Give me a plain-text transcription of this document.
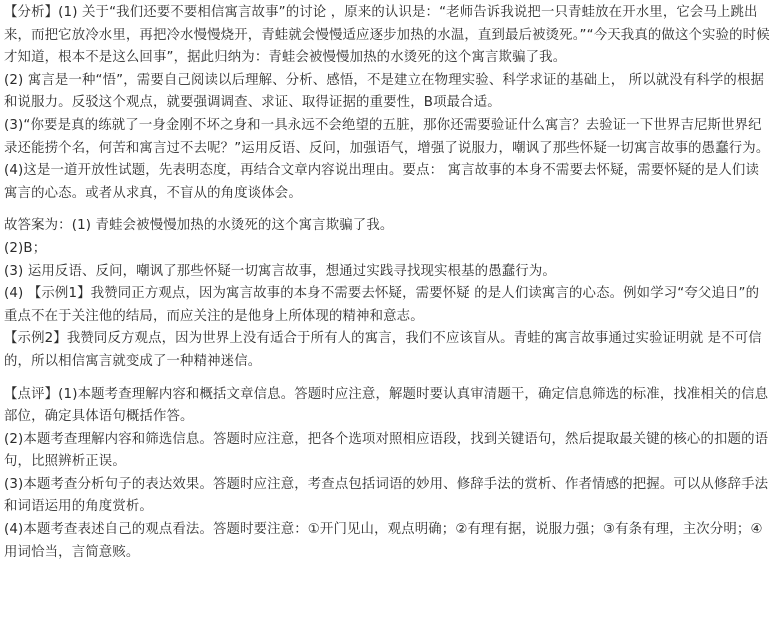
【分析】(1) 关于“我们还要不要相信寓言故事”的讨论 ，原来的认识是：“老师告诉我说把一只青蛙放在开水里，它会马上跳出来，而把它放冷水里，再把冷水慢慢烧开，青蛙就会慢慢适应逐步加热的水温，直到最后被烫死。”“今天我真的做这个实验的时候才知道，根本不是这么回事”，据此归纳为：青蛙会被慢慢加热的水烫死的这个寓言欺骗了我。

(2) 寓言是一种“悟”，需要自己阅读以后理解、分析、感悟，不是建立在物理实验、科学求证的基础上， 所以就没有科学的根据和说服力。反驳这个观点，就要强调调查、求证、取得证据的重要性，B项最合适。

(3)“你要是真的练就了一身金刚不坏之身和一具永远不会绝望的五脏，那你还需要验证什么寓言？去验证一下世界吉尼斯世界纪录还能捞个名，何苦和寓言过不去呢？”运用反语、反问，加强语气，增强了说服力，嘲讽了那些怀疑一切寓言故事的愚蠢行为。

(4)这是一道开放性试题，先表明态度，再结合文章内容说出理由。要点： 寓言故事的本身不需要去怀疑，需要怀疑的是人们读寓言的心态。或者从求真，不盲从的角度谈体会。

故答案为：(1) 青蛙会被慢慢加热的水烫死的这个寓言欺骗了我。

(2)B；

(3) 运用反语、反问，嘲讽了那些怀疑一切寓言故事，想通过实践寻找现实根基的愚蠢行为。

(4) 【示例1】我赞同正方观点，因为寓言故事的本身不需要去怀疑，需要怀疑 的是人们读寓言的心态。例如学习“夸父追日”的重点不在于关注他的结局，而应关注的是他身上所体现的精神和意志。

【示例2】我赞同反方观点，因为世界上没有适合于所有人的寓言，我们不应该盲从。青蛙的寓言故事通过实验证明就 是不可信的，所以相信寓言就变成了一种精神迷信。

【点评】(1)本题考查理解内容和概括文章信息。答题时应注意，解题时要认真审清题干，确定信息筛选的标准，找准相关的信息部位，确定具体语句概括作答。

(2)本题考查理解内容和筛选信息。答题时应注意，把各个选项对照相应语段，找到关键语句，然后提取最关键的核心的扣题的语句，比照辨析正误。

(3)本题考查分析句子的表达效果。答题时应注意，考查点包括词语的妙用、修辞手法的赏析、作者情感的把握。可以从修辞手法和词语运用的角度赏析。

(4)本题考查表述自己的观点看法。答题时要注意：①开门见山，观点明确；②有理有据，说服力强；③有条有理，主次分明；④用词恰当，言简意赅。
